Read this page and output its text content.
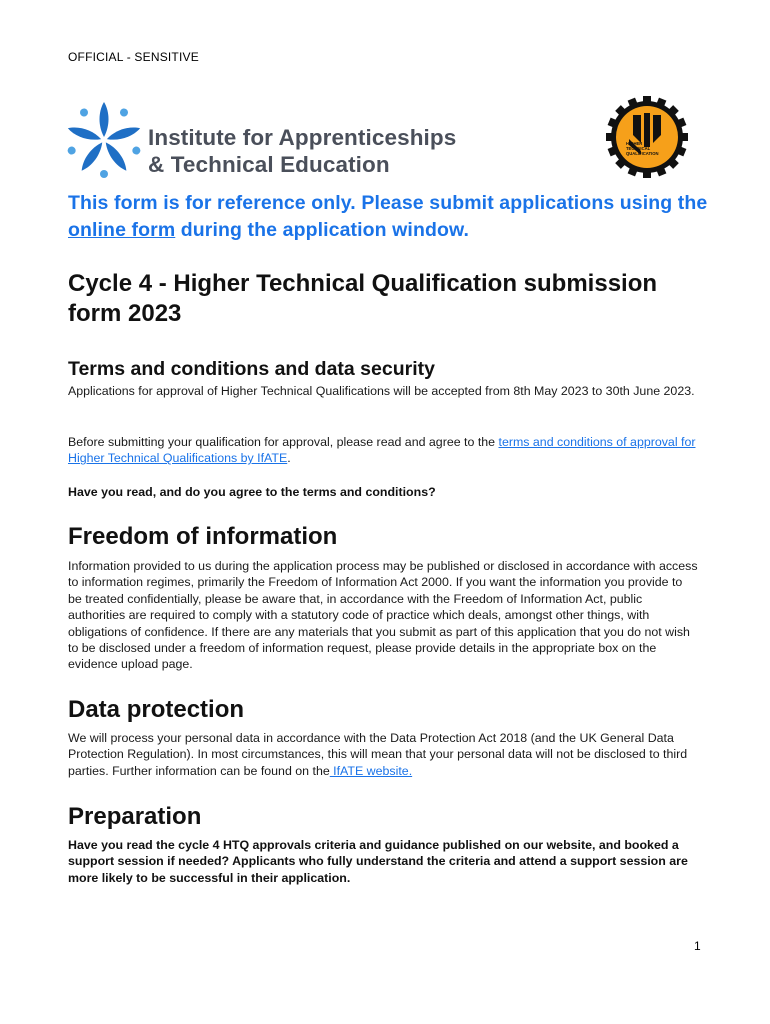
OFFICIAL - SENSITIVE
Institute for Apprenticeships
& Technical Education
HIGHER TECHNICAL QUALIFICATION
This form is for reference only. Please submit applications using the online form during the application window.
Cycle 4 - Higher Technical Qualification submission form 2023
Terms and conditions and data security
Applications for approval of Higher Technical Qualifications will be accepted from 8th May 2023 to 30th June 2023.
Before submitting your qualification for approval, please read and agree to the terms and conditions of approval for Higher Technical Qualifications by IfATE.
Have you read, and do you agree to the terms and conditions?
Freedom of information
Information provided to us during the application process may be published or disclosed in accordance with access to information regimes, primarily the Freedom of Information Act 2000. If you want the information you provide to be treated confidentially, please be aware that, in accordance with the Freedom of Information Act, public authorities are required to comply with a statutory code of practice which deals, amongst other things, with obligations of confidence. If there are any materials that you submit as part of this application that you do not wish to be disclosed under a freedom of information request, please provide details in the appropriate box on the evidence upload page.
Data protection
We will process your personal data in accordance with the Data Protection Act 2018 (and the UK General Data Protection Regulation). In most circumstances, this will mean that your personal data will not be disclosed to third parties. Further information can be found on the IfATE website.
Preparation
Have you read the cycle 4 HTQ approvals criteria and guidance published on our website, and booked a support session if needed? Applicants who fully understand the criteria and attend a support session are more likely to be successful in their application.
1
